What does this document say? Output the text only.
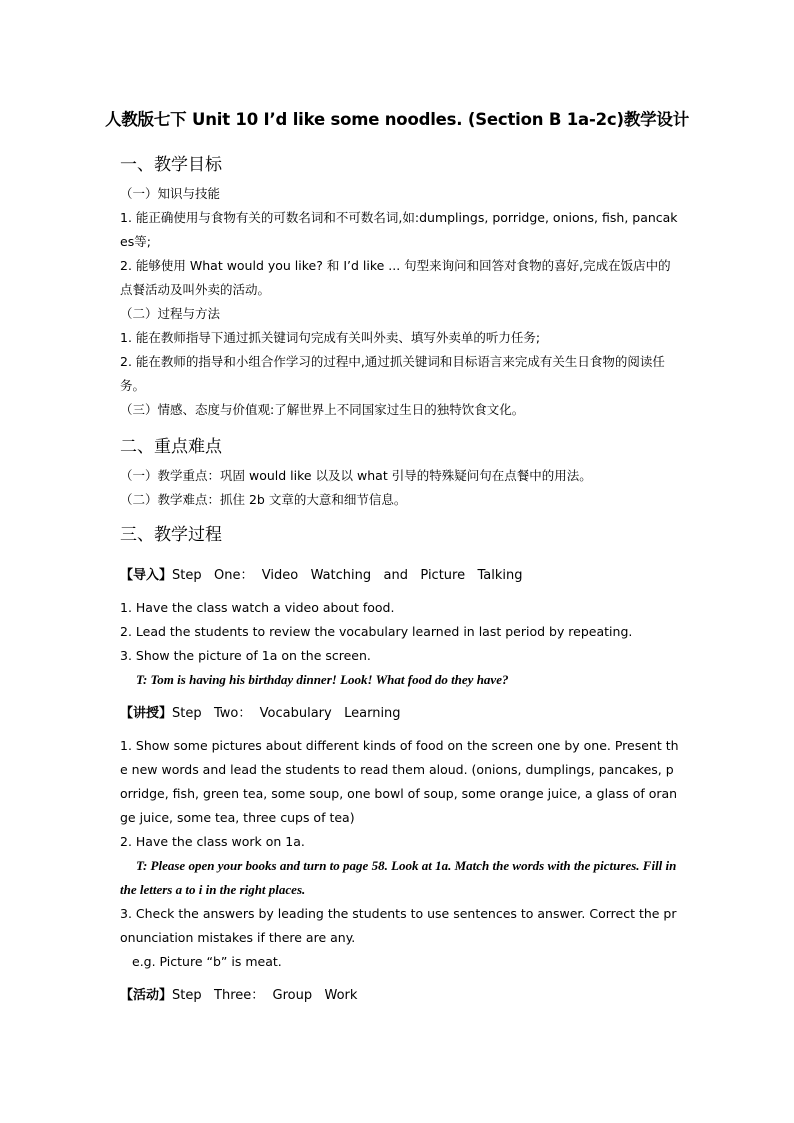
人教版七下 Unit 10 I’d like some noodles. (Section B 1a-2c)教学设计
一、教学目标
（一）知识与技能
1. 能正确使用与食物有关的可数名词和不可数名词,如:dumplings, porridge, onions, fish, pancakes等;
2. 能够使用 What would you like? 和 I’d like ... 句型来询问和回答对食物的喜好,完成在饭店中的点餐活动及叫外卖的活动。
（二）过程与方法
1. 能在教师指导下通过抓关键词句完成有关叫外卖、填写外卖单的听力任务;
2. 能在教师的指导和小组合作学习的过程中,通过抓关键词和目标语言来完成有关生日食物的阅读任务。
（三）情感、态度与价值观:了解世界上不同国家过生日的独特饮食文化。
二、重点难点
（一）教学重点：巩固 would like 以及以 what 引导的特殊疑问句在点餐中的用法。
（二）教学难点：抓住 2b 文章的大意和细节信息。
三、教学过程
【导入】Step   One：  Video   Watching   and   Picture   Talking
1. Have the class watch a video about food.
2. Lead the students to review the vocabulary learned in last period by repeating.
3. Show the picture of 1a on the screen.
T: Tom is having his birthday dinner! Look! What food do they have?
【讲授】Step   Two：  Vocabulary   Learning
1. Show some pictures about different kinds of food on the screen one by one. Present the new words and lead the students to read them aloud. (onions, dumplings, pancakes, porridge, fish, green tea, some soup, one bowl of soup, some orange juice, a glass of orange juice, some tea, three cups of tea)
2. Have the class work on 1a.
T: Please open your books and turn to page 58. Look at 1a. Match the words with the pictures. Fill in the letters a to i in the right places.
3. Check the answers by leading the students to use sentences to answer. Correct the pronunciation mistakes if there are any.
e.g. Picture “b” is meat.
【活动】Step   Three：  Group   Work
